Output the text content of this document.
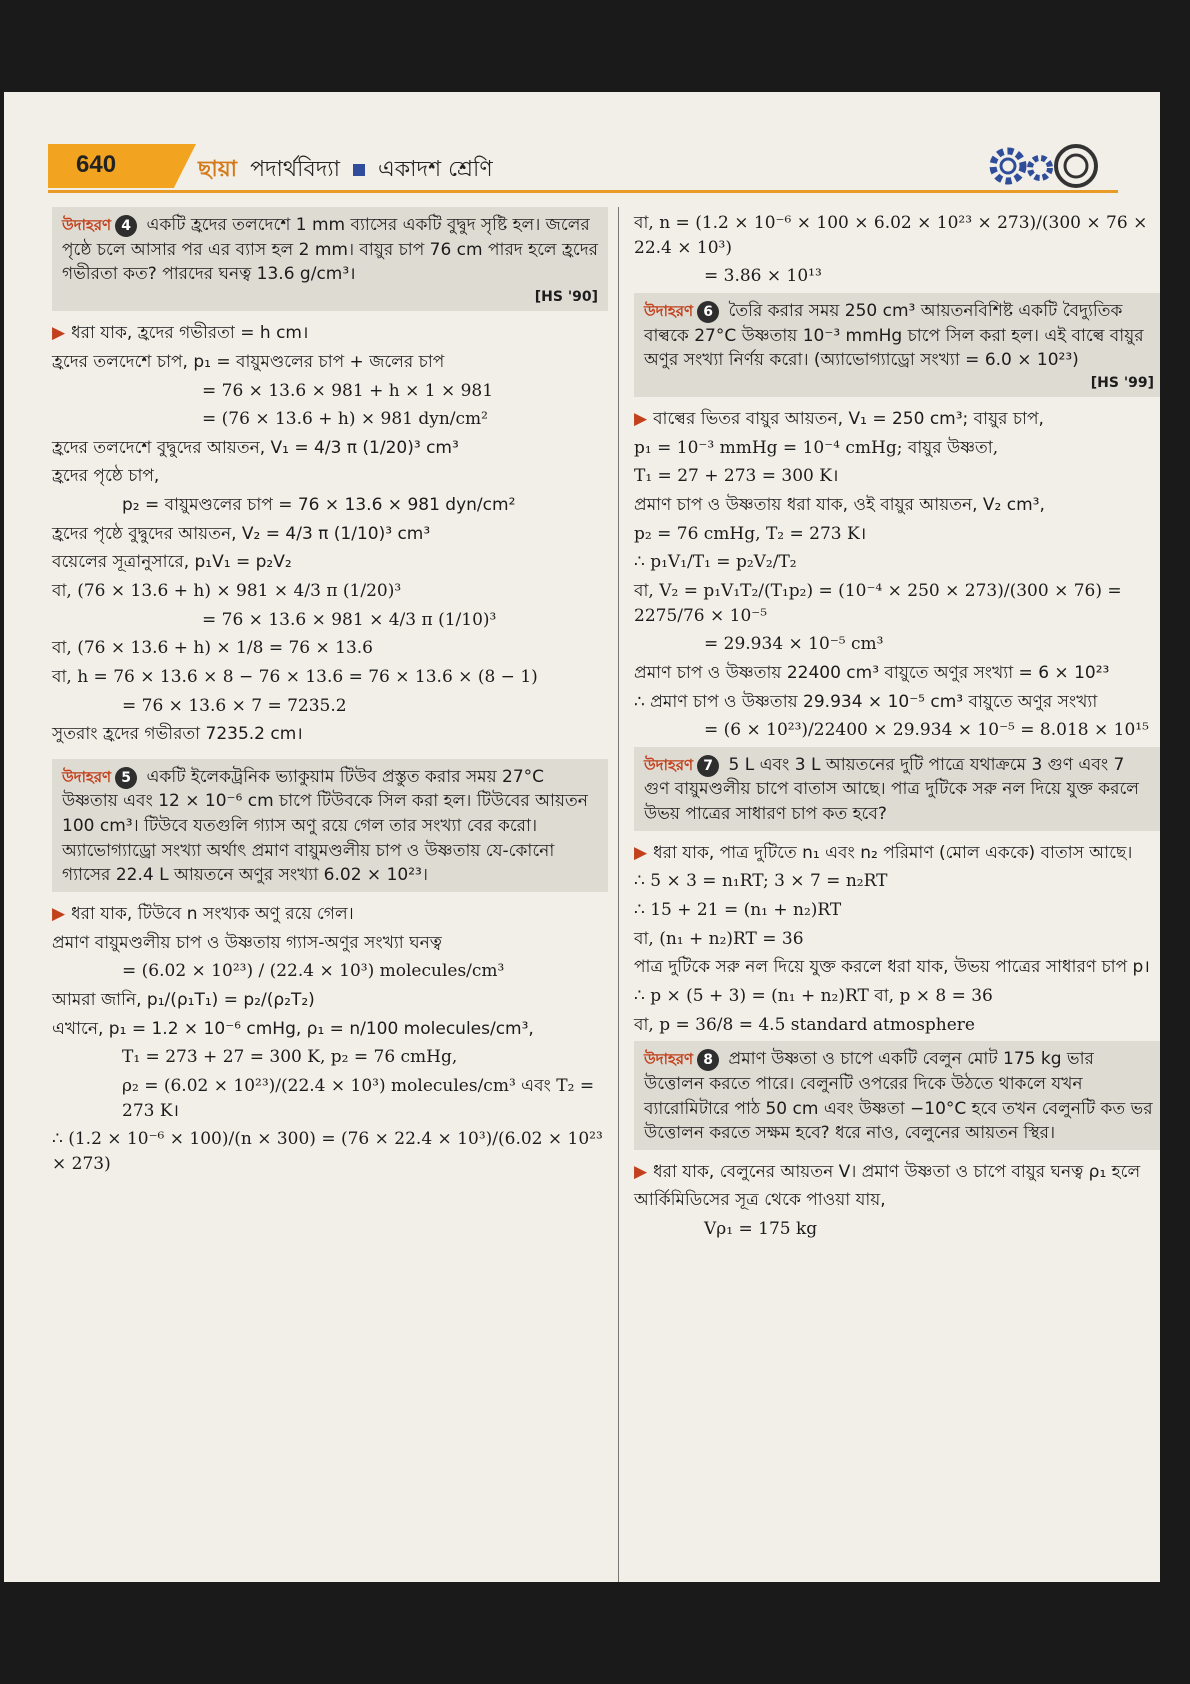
640	ছায়া পদার্থবিদ্যা একাদশ শ্রেণি
উদাহরণ 4 একটি হ্রদের তলদেশে 1 mm ব্যাসের একটি বুদ্বুদ সৃষ্টি হল। জলের পৃষ্ঠে চলে আসার পর এর ব্যাস হল 2 mm। বায়ুর চাপ 76 cm পারদ হলে হ্রদের গভীরতা কত? পারদের ঘনত্ব 13.6 g/cm³।
[HS '90]
▶ ধরা যাক, হ্রদের গভীরতা = h cm।
হ্রদের তলদেশে চাপ, p₁ = বায়ুমণ্ডলের চাপ + জলের চাপ
= 76 × 13.6 × 981 + h × 1 × 981
= (76 × 13.6 + h) × 981 dyn/cm²
হ্রদের তলদেশে বুদ্বুদের আয়তন, V₁ = 4/3 π (1/20)³ cm³
হ্রদের পৃষ্ঠে চাপ,
p₂ = বায়ুমণ্ডলের চাপ = 76 × 13.6 × 981 dyn/cm²
হ্রদের পৃষ্ঠে বুদ্বুদের আয়তন, V₂ = 4/3 π (1/10)³ cm³
বয়েলের সূত্রানুসারে, p₁V₁ = p₂V₂
বা, (76 × 13.6 + h) × 981 × 4/3 π (1/20)³
= 76 × 13.6 × 981 × 4/3 π (1/10)³
বা, (76 × 13.6 + h) × 1/8 = 76 × 13.6
বা, h = 76 × 13.6 × 8 − 76 × 13.6 = 76 × 13.6 × (8 − 1)
= 76 × 13.6 × 7 = 7235.2
সুতরাং হ্রদের গভীরতা 7235.2 cm।
উদাহরণ 5 একটি ইলেকট্রনিক ভ্যাকুয়াম টিউব প্রস্তুত করার সময় 27°C উষ্ণতায় এবং 12 × 10⁻⁶ cm চাপে টিউবকে সিল করা হল। টিউবের আয়তন 100 cm³। টিউবে যতগুলি গ্যাস অণু রয়ে গেল তার সংখ্যা বের করো। অ্যাভোগ্যাড্রো সংখ্যা অর্থাৎ প্রমাণ বায়ুমণ্ডলীয় চাপ ও উষ্ণতায় যে-কোনো গ্যাসের 22.4 L আয়তনে অণুর সংখ্যা 6.02 × 10²³।
▶ ধরা যাক, টিউবে n সংখ্যক অণু রয়ে গেল।
প্রমাণ বায়ুমণ্ডলীয় চাপ ও উষ্ণতায় গ্যাস-অণুর সংখ্যা ঘনত্ব
= (6.02 × 10²³) / (22.4 × 10³) molecules/cm³
আমরা জানি, p₁/(ρ₁T₁) = p₂/(ρ₂T₂)
এখানে, p₁ = 1.2 × 10⁻⁶ cmHg, ρ₁ = n/100 molecules/cm³,
T₁ = 273 + 27 = 300 K, p₂ = 76 cmHg,
ρ₂ = (6.02 × 10²³)/(22.4 × 10³) molecules/cm³ এবং T₂ = 273 K।
∴ (1.2 × 10⁻⁶ × 100)/(n × 300) = (76 × 22.4 × 10³)/(6.02 × 10²³ × 273)
বা, n = (1.2 × 10⁻⁶ × 100 × 6.02 × 10²³ × 273)/(300 × 76 × 22.4 × 10³)
= 3.86 × 10¹³
উদাহরণ 6 তৈরি করার সময় 250 cm³ আয়তনবিশিষ্ট একটি বৈদ্যুতিক বাল্বকে 27°C উষ্ণতায় 10⁻³ mmHg চাপে সিল করা হল। এই বাল্বে বায়ুর অণুর সংখ্যা নির্ণয় করো। (অ্যাভোগ্যাড্রো সংখ্যা = 6.0 × 10²³)
[HS '99]
▶ বাল্বের ভিতর বায়ুর আয়তন, V₁ = 250 cm³; বায়ুর চাপ,
p₁ = 10⁻³ mmHg = 10⁻⁴ cmHg; বায়ুর উষ্ণতা,
T₁ = 27 + 273 = 300 K।
প্রমাণ চাপ ও উষ্ণতায় ধরা যাক, ওই বায়ুর আয়তন, V₂ cm³,
p₂ = 76 cmHg, T₂ = 273 K।
∴ p₁V₁/T₁ = p₂V₂/T₂
বা, V₂ = p₁V₁T₂/(T₁p₂) = (10⁻⁴ × 250 × 273)/(300 × 76) = 2275/76 × 10⁻⁵
= 29.934 × 10⁻⁵ cm³
প্রমাণ চাপ ও উষ্ণতায় 22400 cm³ বায়ুতে অণুর সংখ্যা = 6 × 10²³
∴ প্রমাণ চাপ ও উষ্ণতায় 29.934 × 10⁻⁵ cm³ বায়ুতে অণুর সংখ্যা
= (6 × 10²³)/22400 × 29.934 × 10⁻⁵ = 8.018 × 10¹⁵
উদাহরণ 7 5 L এবং 3 L আয়তনের দুটি পাত্রে যথাক্রমে 3 গুণ এবং 7 গুণ বায়ুমণ্ডলীয় চাপে বাতাস আছে। পাত্র দুটিকে সরু নল দিয়ে যুক্ত করলে উভয় পাত্রের সাধারণ চাপ কত হবে?
▶ ধরা যাক, পাত্র দুটিতে n₁ এবং n₂ পরিমাণ (মোল এককে) বাতাস আছে।
∴ 5 × 3 = n₁RT; 3 × 7 = n₂RT
∴ 15 + 21 = (n₁ + n₂)RT
বা, (n₁ + n₂)RT = 36
পাত্র দুটিকে সরু নল দিয়ে যুক্ত করলে ধরা যাক, উভয় পাত্রের সাধারণ চাপ p।
∴ p × (5 + 3) = (n₁ + n₂)RT বা, p × 8 = 36
বা, p = 36/8 = 4.5 standard atmosphere
উদাহরণ 8 প্রমাণ উষ্ণতা ও চাপে একটি বেলুন মোট 175 kg ভার উত্তোলন করতে পারে। বেলুনটি ওপরের দিকে উঠতে থাকলে যখন ব্যারোমিটারে পাঠ 50 cm এবং উষ্ণতা −10°C হবে তখন বেলুনটি কত ভর উত্তোলন করতে সক্ষম হবে? ধরে নাও, বেলুনের আয়তন স্থির।
▶ ধরা যাক, বেলুনের আয়তন V। প্রমাণ উষ্ণতা ও চাপে বায়ুর ঘনত্ব ρ₁ হলে
আর্কিমিডিসের সূত্র থেকে পাওয়া যায়,
Vρ₁ = 175 kg
